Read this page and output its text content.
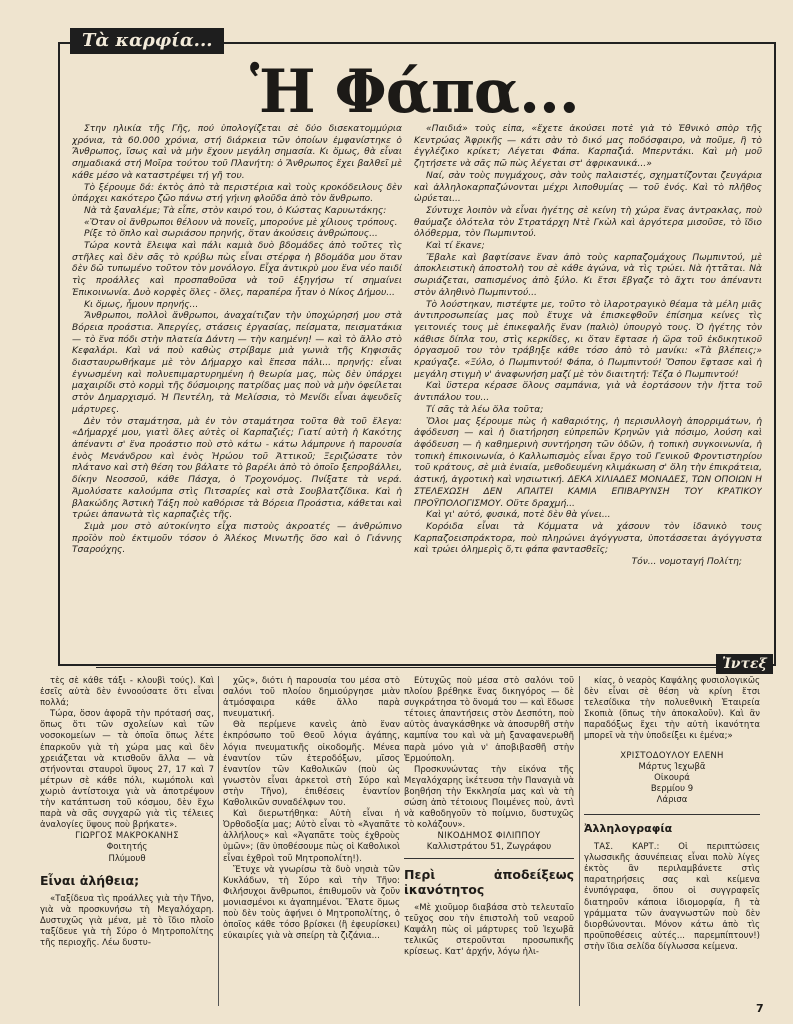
Τὰ καρφία...
Ἡ Φάπα...

Στην ηλικία τῆς Γῆς, πού ὑπολογίζεται σὲ δύο δισεκατομμύρια χρόνια, τὰ 60.000 χρόνια, στή διάρκεια τῶν ὁποίων ἐμφανίστηκε ὁ Ἄνθρωπος, ἴσως καὶ νὰ μὴν ἔχουν μεγάλη σημασία. Κι ὅμως, θὰ εἶναι σημαδιακά στή Μοῖρα τούτου τοῦ Πλανήτη: ὁ Ἄνθρωπος ἔχει βαλθεῖ μὲ κάθε μέσο νὰ καταστρέψει τή γῆ του.

Τὸ ξέρουμε δά: ἐκτὸς ἀπὸ τὰ περιστέρια καὶ τοὺς κροκόδειλους δὲν ὑπάρχει κακότερο ζῶο πάνω στή γήινη φλοῦδα ἀπὸ τὸν ἄνθρωπο.

Νὰ τὰ ξαναλέμε; Τὰ εἶπε, στὸν καιρό του, ὁ Κώστας Καρυωτάκης:

«Ὅταν οἱ ἄνθρωποι θέλουν νὰ πονεῖς, μπορούνε μὲ χίλιους τρόπους.

Ρίξε τὸ ὅπλο καὶ σωριάσου πρηνής, ὅταν ἀκούσεις ἀνθρώπους...

Τώρα κοντὰ ἔλειψα καὶ πάλι καμιὰ δυὸ βδομάδες ἀπὸ τοῦτες τὶς στῆλες καὶ δὲν σᾶς τὸ κρύβω πὼς εἶναι στέρφα ἡ βδομάδα μου ὅταν δὲν δῶ τυπωμένο τοῦτον τὸν μονόλογο. Εἶχα ἀντικρὺ μου ἕνα νέο παιδί τὶς προάλλες καὶ προσπαθοῦσα νὰ τοῦ ἐξηγήσω τί σημαίνει Ἐπικοινωνία. Δυὸ κορφὲς ὅλες - ὅλες, παραπέρα ἦταν ὁ Νίκος Δήμου...

Κι ὅμως, ἦμουν πρηνής...

Ἄνθρωποι, πολλοὶ ἄνθρωποι, ἀναχαίτιζαν τὴν ὑποχώρησή μου στὰ Βόρεια προάστια. Ἀπεργίες, στάσεις ἐργασίας, πείσματα, πεισματάκια — τὸ ἕνα πόδι στὴν πλατεία Δάντη — τὴν καημένη! — καὶ τὸ ἄλλο στὸ Κεφαλάρι. Καὶ νά ποὺ καθὼς στρίβαμε μιὰ γωνιὰ τῆς Κηφισιᾶς διασταυρωθήκαμε μὲ τὸν Δήμαρχο καὶ ἔπεσα πάλι... πρηνής: εἶναι ἐγνωσμένη καὶ πολυεπιμαρτυρημένη ἡ θεωρία μας, πὼς δὲν ὑπάρχει μαχαιρίδι στὸ κορμὶ τῆς δύσμοιρης πατρίδας μας ποὺ νὰ μὴν ὀφείλεται στὸν Δημαρχισμό. Ἡ Πεντέλη, τὰ Μελίσσια, τὸ Μενίδι εἶναι ἀψευδεῖς μάρτυρες.

Δὲν τὸν σταμάτησα, μὰ ἐν τὸν σταμάτησα τοῦτα θὰ τοῦ ἔλεγα: «Δήμαρχέ μου, γιατὶ ὅλες αὐτὲς οἱ Καρπαζιές; Γιατί αὐτὴ ἡ Κακότης ἀπέναντι σ' ἕνα προάστιο ποὺ στὸ κάτω - κάτω λάμπρυνε ἡ παρουσία ἑνὸς Μενάνδρου καὶ ἑνὸς Ἡρώου τοῦ Ἀττικοῦ; Ξεριζώσατε τὸν πλάτανο καὶ στὴ θέση του βάλατε τὸ βαρέλι ἀπὸ τὸ ὁποῖο ξεπροβάλλει, δίκην Νεοσσοῦ, κάθε Πάσχα, ὁ Τροχονόμος. Πνίξατε τὰ νερά. Ἀμολύσατε καλούμπα στὶς Πιτσαρίες καὶ στὰ Σουβλατζίδικα. Καὶ ἡ βλακώδης Ἀστικὴ Τάξη ποὺ καθόρισε τὰ Βόρεια Προάστια, κάθεται καὶ τρώει ἀπανωτὰ τὶς καρπαζιὲς τῆς.

Σιμὰ μου στὸ αὐτοκίνητο εἶχα πιστοὺς ἀκροατές — ἀνθρώπινο προϊὸν ποὺ ἐκτιμοῦν τόσον ὁ Ἀλέκος Μινωτῆς ὅσο καὶ ὁ Γιάννης Τσαρούχης.

«Παιδιά» τοὺς εἶπα, «ἔχετε ἀκούσει ποτὲ γιὰ τὸ Ἐθνικὸ σπὸρ τῆς Κεντρώας Ἀφρικῆς — κάτι σὰν τὸ δικό μας ποδόσφαιρο, νὰ ποῦμε, ἢ τὸ ἐγγλέζικο κρίκετ; Λέγεται Φάπα. Καρπαζιά. Μπερντάκι. Καὶ μὴ μοῦ ζητήσετε νὰ σᾶς πῶ πὼς λέγεται στ' ἀφρικανικά...»

Ναί, σὰν τοὺς πυγμάχους, σὰν τοὺς παλαιστές, σχηματίζονται ζευγάρια καὶ ἀλληλοκαρπαζώνονται μέχρι λιποθυμίας — τοῦ ἑνός. Καὶ τὸ πλῆθος ὡρύεται...

Σύντυχε λοιπὸν νὰ εἶναι ἡγέτης σὲ κείνη τὴ χώρα ἕνας ἀντρακλας, ποὺ θαύμαζε ὁλότελα τὸν Στρατάρχη Ντὲ Γκὼλ καὶ ἀργότερα μισοῦσε, τὸ ἴδιο ὁλόθερμα, τὸν Πωμπιντού.

Καὶ τί ἔκανε;

Ἔβαλε καὶ βαφτίσανε ἕναν ἀπὸ τοὺς καρπαζομάχους Πωμπιντού, μὲ ἀποκλειστικὴ ἀποστολὴ του σὲ κάθε ἀγώνα, νὰ τὶς τρώει. Νὰ ἡττᾶται. Νὰ σωριάζεται, σαπισμένος ἀπὸ ξύλο. Κι ἔτσι ἔβγαζε τὸ ἄχτι του ἀπέναντι στὸν ἀληθινὸ Πωμπιντού...

Τὸ λούστηκαν, πιστέψτε με, τοῦτο τὸ ἱλαροτραγικὸ θέαμα τὰ μέλη μιᾶς ἀντιπροσωπείας μας ποὺ ἔτυχε νὰ ἐπισκεφθοῦν ἐπίσημα κείνες τὶς γειτονιές τους μὲ ἐπικεφαλῆς ἕναν (παλιὸ) ὑπουργὸ τους. Ὁ ἡγέτης τὸν κάθισε δίπλα του, στὶς κερκίδες, κι ὅταν ἔφτασε ἡ ὥρα τοῦ ἐκδικητικοῦ ὀργασμοῦ του τὸν τράβηξε κάθε τόσο ἀπὸ τὸ μανίκι: «Τὰ βλέπεις;» κραύγαζε. «Ξύλο, ὁ Πωμπιντού! Φάπα, ὁ Πωμπιντού! Ὅσπου ἔφτασε καὶ ἡ μεγάλη στιγμὴ ν' ἀναφωνήση μαζί μὲ τὸν διαιτητή: Τέζα ὁ Πωμπιντού!

Καὶ ὕστερα κέρασε ὅλους σαμπάνια, γιὰ νὰ ἑορτάσουν τὴν ἥττα τοῦ ἀντιπάλου του...

Τί σᾶς τὰ λέω ὅλα τοῦτα;

Ὅλοι μας ξέρουμε πὼς ἡ καθαριότης, ἡ περισυλλογὴ ἀπορριμάτων, ἡ ἀφόδευση — καὶ ἡ διατήρηση εὐπρεπῶν Κρηνῶν γιὰ πόσιμο, λούση καὶ ἀφόδευση — ἡ καθημερινὴ συντήρηση τῶν ὁδῶν, ἡ τοπικὴ συγκοινωνία, ἡ τοπικὴ ἐπικοινωνία, ὁ Καλλωπισμὸς εἶναι ἔργο τοῦ Γενικοῦ Φροντιστηρίου τοῦ κράτους, σὲ μιὰ ἑνιαία, μεθοδευμένη κλιμάκωση σ' ὅλη τὴν ἐπικράτεια, ἀστική, ἀγροτικὴ καὶ νησιωτική. ΔΕΚΑ ΧΙΛΙΑΔΕΣ ΜΟΝΑΔΕΣ, ΤΩΝ ΟΠΟΙΩΝ Η ΣΤΕΛΕΧΩΣΗ ΔΕΝ ΑΠΑΙΤΕΙ ΚΑΜΙΑ ΕΠΙΒΑΡΥΝΣΗ ΤΟΥ ΚΡΑΤΙΚΟΥ ΠΡΟΫΠΟΛΟΓΙΣΜΟΥ. Οὔτε δραχμή...

Καὶ γι' αὐτό, φυσικά, ποτὲ δὲν θὰ γίνει...

Κορόιδα εἶναι τὰ Κόμματα νὰ χάσουν τὸν ἰδανικὸ τους Καρπαζοεισπράκτορα, ποὺ πληρώνει ἀγόγγυστα, ὑποτάσσεται ἀγόγγυστα καὶ τρώει ὁλημερὶς ὅ,τι φάπα φαντασθεῖς;

Τόν... νομοταγή Πολίτη;

Ἰντεξ

τὲς σὲ κάθε τάξι - κλουβὶ τούς). Καὶ ἐσεῖς αὐτὰ δὲν ἐννοούσατε ὅτι εἶναι πολλά;

Τώρα, ὅσον ἀφορᾶ τὴν πρότασή σας, ὅπως ὅτι τῶν σχολείων καὶ τῶν νοσοκομείων — τὰ ὁποῖα ὅπως λέτε ἐπαρκοῦν γιὰ τὴ χώρα μας καὶ δὲν χρειάζεται νὰ κτισθοῦν ἄλλα — νὰ στήνονται σταυροὶ ὕψους 27, 17 καὶ 7 μέτρων σὲ κάθε πόλι, κωμόπολι καὶ χωριὸ ἀντίστοιχα γιὰ νὰ ἀποτρέψουν τὴν κατάπτωση τοῦ κόσμου, δὲν ἔχω παρὰ νὰ σᾶς συγχαρῶ γιὰ τὶς τέλειες ἀναλογίες ὕψους ποὺ βρήκατε».

ΓΙΩΡΓΟΣ ΜΑΚΡΟΚΑΝΗΣ

Φοιτητής

Πλύμουθ

Εἶναι ἀλήθεια;

«Ταξίδευα τὶς προάλλες γιὰ τὴν Τῆνο, γιὰ νὰ προσκυνήσω τὴ Μεγαλόχαρη. Δυστυχῶς γιὰ μένα, μὲ τὸ ἴδιο πλοῖο ταξίδευε γιὰ τὴ Σύρο ὁ Μητροπολίτης τῆς περιοχῆς. Λέω δυστυ-

χῶς», διότι ἡ παρουσία του μέσα στὸ σαλόνι τοῦ πλοίου δημιούργησε μιὰν ἀτμόσφαιρα κάθε ἄλλο παρὰ πνευματική.

Θὰ περίμενε κανεὶς ἀπὸ ἕναν ἐκπρόσωπο τοῦ Θεοῦ λόγια ἀγάπης, λόγια πνευματικῆς οἰκοδομῆς. Μένεα ἐναντίον τῶν ἑτεροδόξων, μῖσος ἐναντίον τῶν Καθολικῶν (ποὺ ὡς γνωστὸν εἶναι ἀρκετοὶ στὴ Σύρο καὶ στὴν Τῆνο), ἐπιθέσεις ἐναντίον Καθολικῶν συναδέλφων του.

Καὶ διερωτήθηκα: Αὐτὴ εἶναι ἡ Ὀρθοδοξία μας; Αὐτὸ εἶναι τὸ «Ἀγαπᾶτε ἀλλήλους» καὶ «Ἀγαπᾶτε τοὺς ἐχθροὺς ὑμῶν»; (ἂν ὑποθέσουμε πὼς οἱ Καθολικοὶ εἶναι ἐχθροὶ τοῦ Μητροπολίτη!).

Ἔτυχε νὰ γνωρίσω τὰ δυὸ νησιὰ τῶν Κυκλάδων, τὴ Σύρο καὶ τὴν Τῆνο: Φιλήσυχοι ἄνθρωποι, ἐπιθυμοῦν νὰ ζοῦν μονιασμένοι κι ἀγαπημένοι. Ἔλατε ὅμως ποὺ δὲν τοὺς ἀφήνει ὁ Μητροπολίτης, ὁ ὁποῖος κάθε τόσο βρίσκει (ἢ ἐφευρίσκει) εὐκαιρίες γιὰ νὰ σπείρη τὰ ζιζάνια...

Εὐτυχῶς ποὺ μέσα στὸ σαλόνι τοῦ πλοίου βρέθηκε ἕνας δικηγόρος — δὲ συγκράτησα τὸ ὄνομά του — καὶ ἔδωσε τέτοιες ἀπαντήσεις στὸν Δεσπότη, ποὺ αὐτὸς ἀναγκάσθηκε νὰ ἀποσυρθῆ στὴν καμπίνα του καὶ νὰ μὴ ξαναφανερωθῆ παρὰ μόνο γιὰ ν' ἀποβιβασθῆ στὴν Ἑρμούπολη.

Προσκυνώντας τὴν εἰκόνα τῆς Μεγαλόχαρης ἱκέτευσα τὴν Παναγιὰ νὰ βοηθήση τὴν Ἐκκλησία μας καὶ νὰ τὴ σώση ἀπὸ τέτοιους Ποιμένες ποὺ, ἀντὶ νὰ καθοδηγοῦν τὸ ποίμνιο, δυστυχῶς τὸ κολάζουν».

ΝΙΚΟΔΗΜΟΣ ΦΙΛΙΠΠΟΥ

Καλλιστράτου 51, Ζωγράφου

Περὶ ἀποδείξεως ἱκανότητος

«Μὲ χιοῦμορ διαβάσα στὸ τελευταῖο τεῦχος σου τὴν ἐπιστολὴ τοῦ νεαροῦ Καψάλη πὼς οἱ μάρτυρες τοῦ Ἰεχωβᾶ τελικῶς στεροῦνται προσωπικῆς κρίσεως. Κατ' ἀρχήν, λόγω ἡλι-

κίας, ὁ νεαρὸς Καψάλης φυσιολογικῶς δὲν εἶναι σὲ θέση νὰ κρίνη ἔτσι τελεσίδικα τὴν πολυεθνικὴ Ἑταιρεία Σκοπιὰ (ὅπως τὴν ἀποκαλοῦν). Καὶ ἂν παραδόξως ἔχει τὴν αὐτὴ ἱκανότητα μπορεῖ νὰ τὴν ὑποδείξει κι ἐμένα;»

ΧΡΙΣΤΟΔΟΥΛΟΥ ΕΛΕΝΗ

Μάρτυς Ἰεχωβᾶ

Οἰκουρά

Βερμίου 9

Λάρισα

Ἀλληλογραφία

ΤΑΣ. ΚΑΡΤ.: Οἱ περιπτώσεις γλωσσικῆς ἀσυνέπειας εἶναι πολὺ λίγες ἐκτὸς ἂν περιλαμβάνετε στὶς παρατηρήσεις σας καὶ κείμενα ἐνυπόγραφα, ὅπου οἱ συγγραφεῖς διατηροῦν κάποια ἰδιομορφία, ἢ τὰ γράμματα τῶν ἀναγνωστῶν ποὺ δὲν διορθώνονται. Μόνον κάτω ἀπὸ τὶς προϋποθέσεις αὐτές... παρεμπίπτουν!) στὴν ἴδια σελίδα δίγλωσσα κείμενα.

7
